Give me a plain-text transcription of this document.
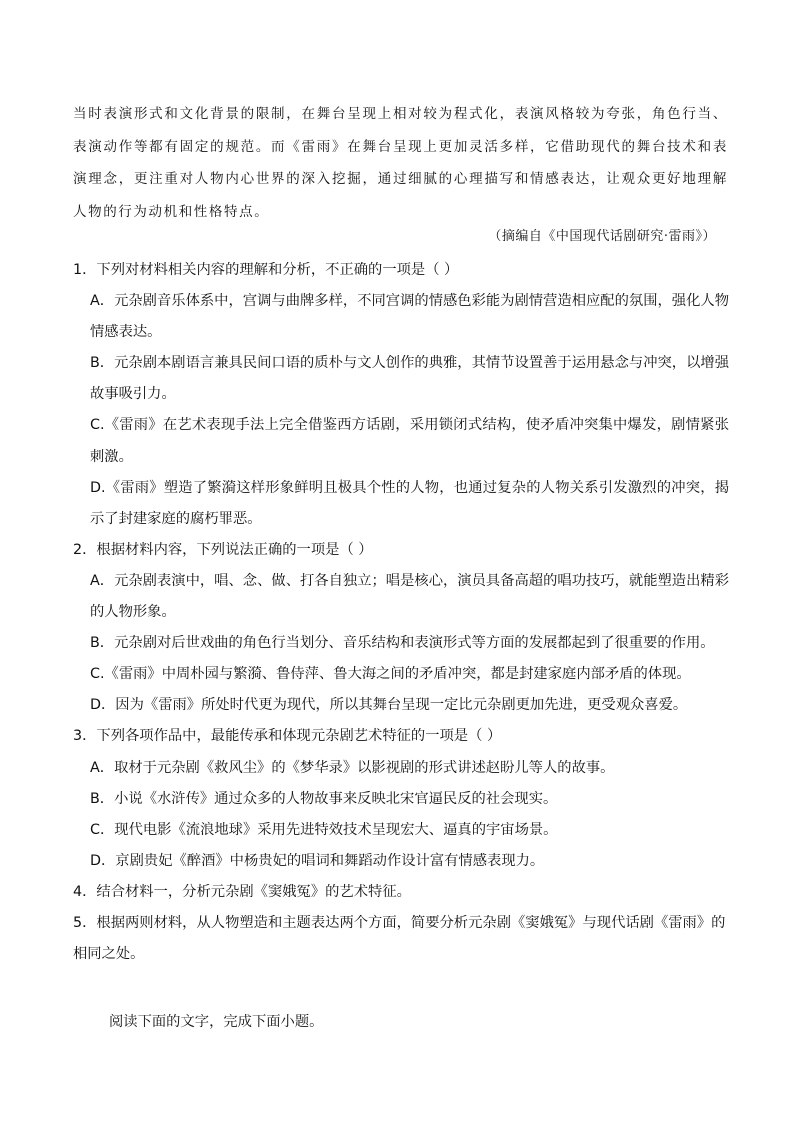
当时表演形式和文化背景的限制，在舞台呈现上相对较为程式化，表演风格较为夸张，角色行当、表演动作等都有固定的规范。而《雷雨》在舞台呈现上更加灵活多样，它借助现代的舞台技术和表演理念，更注重对人物内心世界的深入挖掘，通过细腻的心理描写和情感表达，让观众更好地理解人物的行为动机和性格特点。

（摘编自《中国现代话剧研究·雷雨》）

1．下列对材料相关内容的理解和分析，不正确的一项是（ ）

A．元杂剧音乐体系中，宫调与曲牌多样，不同宫调的情感色彩能为剧情营造相应配的氛围，强化人物情感表达。

B．元杂剧本剧语言兼具民间口语的质朴与文人创作的典雅，其情节设置善于运用悬念与冲突，以增强故事吸引力。

C.《雷雨》在艺术表现手法上完全借鉴西方话剧，采用锁闭式结构，使矛盾冲突集中爆发，剧情紧张刺激。

D.《雷雨》塑造了繁漪这样形象鲜明且极具个性的人物，也通过复杂的人物关系引发激烈的冲突，揭示了封建家庭的腐朽罪恶。

2．根据材料内容，下列说法正确的一项是（ ）

A．元杂剧表演中，唱、念、做、打各自独立；唱是核心，演员具备高超的唱功技巧，就能塑造出精彩的人物形象。

B．元杂剧对后世戏曲的角色行当划分、音乐结构和表演形式等方面的发展都起到了很重要的作用。

C.《雷雨》中周朴园与繁漪、鲁侍萍、鲁大海之间的矛盾冲突，都是封建家庭内部矛盾的体现。

D．因为《雷雨》所处时代更为现代，所以其舞台呈现一定比元杂剧更加先进，更受观众喜爱。

3．下列各项作品中，最能传承和体现元杂剧艺术特征的一项是（ ）

A．取材于元杂剧《救风尘》的《梦华录》以影视剧的形式讲述赵盼儿等人的故事。

B．小说《水浒传》通过众多的人物故事来反映北宋官逼民反的社会现实。

C．现代电影《流浪地球》采用先进特效技术呈现宏大、逼真的宇宙场景。

D．京剧贵妃《醉酒》中杨贵妃的唱词和舞蹈动作设计富有情感表现力。

4．结合材料一，分析元杂剧《窦娥冤》的艺术特征。

5．根据两则材料，从人物塑造和主题表达两个方面，简要分析元杂剧《窦娥冤》与现代话剧《雷雨》的相同之处。

阅读下面的文字，完成下面小题。
